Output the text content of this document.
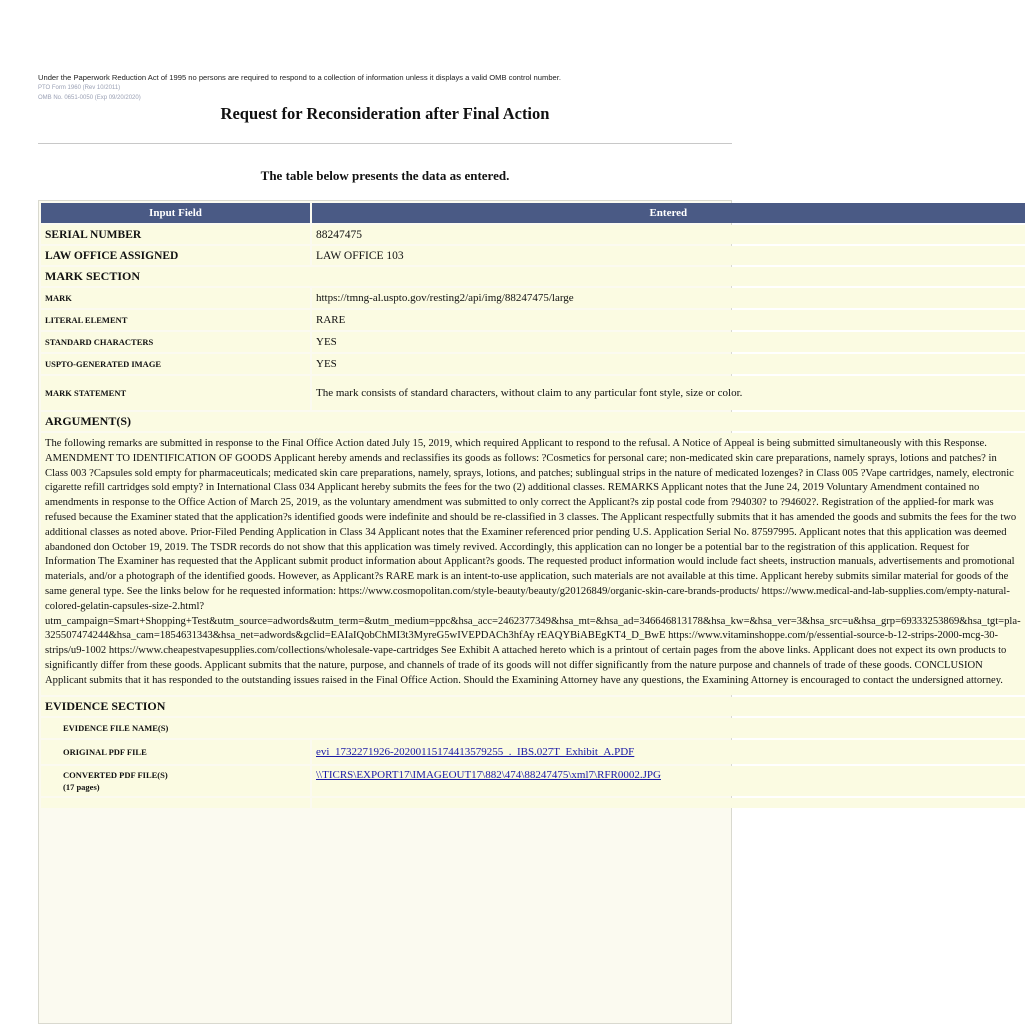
Under the Paperwork Reduction Act of 1995 no persons are required to respond to a collection of information unless it displays a valid OMB control number.
PTO Form 1960 (Rev 10/2011)
OMB No. 0651-0050 (Exp 09/20/2020)
Request for Reconsideration after Final Action
The table below presents the data as entered.
Input Field	Entered
SERIAL NUMBER	88247475
LAW OFFICE ASSIGNED	LAW OFFICE 103
MARK SECTION	
MARK	https://tmng-al.uspto.gov/resting2/api/img/88247475/large
LITERAL ELEMENT	RARE
STANDARD CHARACTERS	YES
USPTO-GENERATED IMAGE	YES
MARK STATEMENT	The mark consists of standard characters, without claim to any particular font style, size or color.
ARGUMENT(S)	
The following remarks are submitted in response to the Final Office Action dated July 15, 2019, which required Applicant to respond to the refusal. A Notice of Appeal is being submitted simultaneously with this Response. AMENDMENT TO IDENTIFICATION OF GOODS Applicant hereby amends and reclassifies its goods as follows: ?Cosmetics for personal care; non-medicated skin care preparations, namely sprays, lotions and patches? in Class 003 ?Capsules sold empty for pharmaceuticals; medicated skin care preparations, namely, sprays, lotions, and patches; sublingual strips in the nature of medicated lozenges? in Class 005 ?Vape cartridges, namely, electronic cigarette refill cartridges sold empty? in International Class 034 Applicant hereby submits the fees for the two (2) additional classes. REMARKS Applicant notes that the June 24, 2019 Voluntary Amendment contained no amendments in response to the Office Action of March 25, 2019, as the voluntary amendment was submitted to only correct the Applicant?s zip postal code from ?94030? to ?94602?. Registration of the applied-for mark was refused because the Examiner stated that the application?s identified goods were indefinite and should be re-classified in 3 classes. The Applicant respectfully submits that it has amended the goods and submits the fees for the two additional classes as noted above. Prior-Filed Pending Application in Class 34 Applicant notes that the Examiner referenced prior pending U.S. Application Serial No. 87597995. Applicant notes that this application was deemed abandoned don October 19, 2019. The TSDR records do not show that this application was timely revived. Accordingly, this application can no longer be a potential bar to the registration of this application. Request for Information The Examiner has requested that the Applicant submit product information about Applicant?s goods. The requested product information would include fact sheets, instruction manuals, advertisements and promotional materials, and/or a photograph of the identified goods. However, as Applicant?s RARE mark is an intent-to-use application, such materials are not available at this time. Applicant hereby submits similar material for goods of the same general type. See the links below for he requested information: https://www.cosmopolitan.com/style-beauty/beauty/g20126849/organic-skin-care-brands-products/ https://www.medical-and-lab-supplies.com/empty-natural-colored-gelatin-capsules-size-2.html? utm_campaign=Smart+Shopping+Test&utm_source=adwords&utm_term=&utm_medium=ppc&hsa_acc=2462377349&hsa_mt=&hsa_ad=346646813178&hsa_kw=&hsa_ver=3&hsa_src=u&hsa_grp=69333253869&hsa_tgt=pla-325507474244&hsa_cam=1854631343&hsa_net=adwords&gclid=EAIaIQobChMI3t3MyreG5wIVEPDACh3hfAy rEAQYBiABEgKT4_D_BwE https://www.vitaminshoppe.com/p/essential-source-b-12-strips-2000-mcg-30-strips/u9-1002 https://www.cheapestvapesupplies.com/collections/wholesale-vape-cartridges See Exhibit A attached hereto which is a printout of certain pages from the above links. Applicant does not expect its own products to significantly differ from these goods. Applicant submits that the nature, purpose, and channels of trade of its goods will not differ significantly from the nature purpose and channels of trade of these goods. CONCLUSION Applicant submits that it has responded to the outstanding issues raised in the Final Office Action. Should the Examining Attorney have any questions, the Examining Attorney is encouraged to contact the undersigned attorney.	
EVIDENCE SECTION	
EVIDENCE FILE NAME(S)	
ORIGINAL PDF FILE	evi_1732271926-20200115174413579255_._IBS.027T_Exhibit_A.PDF

CONVERTED PDF FILE(S)
(17 pages)	\\TICRS\EXPORT17\IMAGEOUT17\882\474\88247475\xml7\RFR0002.JPG
